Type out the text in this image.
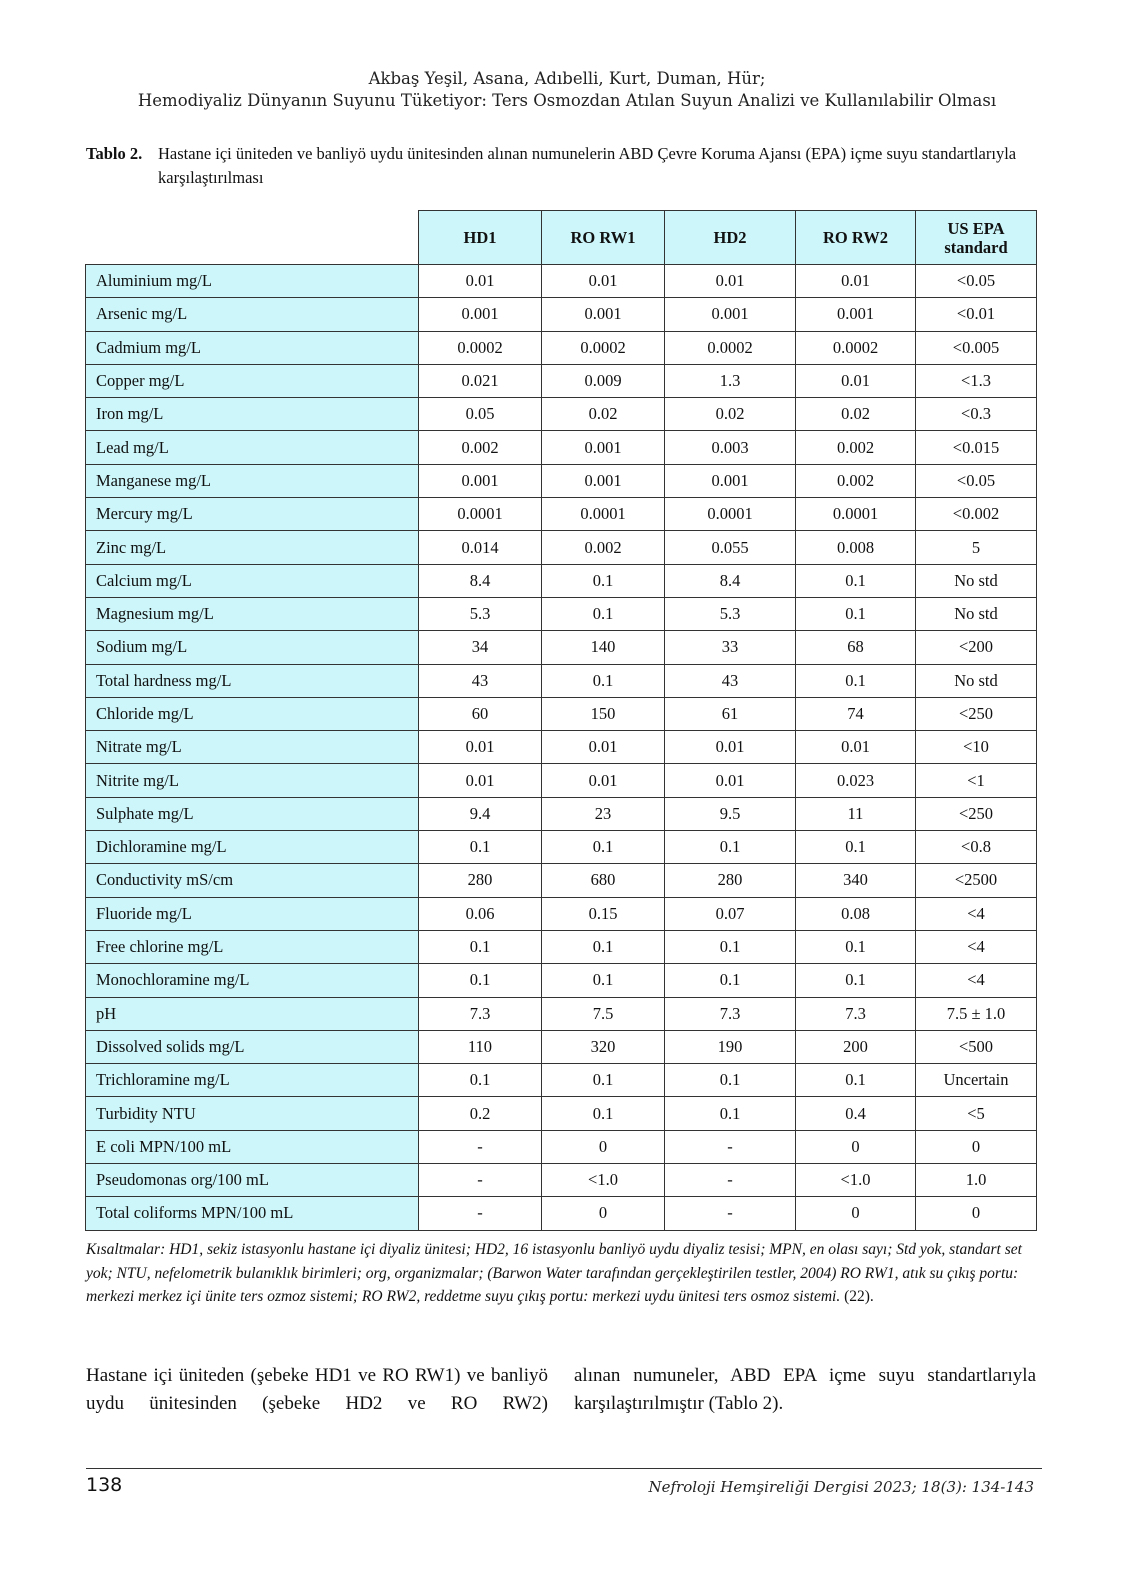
Akbaş Yeşil, Asana, Adıbelli, Kurt, Duman, Hür;
Hemodiyaliz Dünyanın Suyunu Tüketiyor: Ters Osmozdan Atılan Suyun Analizi ve Kullanılabilir Olması
Tablo 2. Hastane içi üniteden ve banliyö uydu ünitesinden alınan numunelerin ABD Çevre Koruma Ajansı (EPA) içme suyu standartlarıyla karşılaştırılması
	HD1	RO RW1	HD2	RO RW2	US EPA standard
Aluminium mg/L	0.01	0.01	0.01	0.01	<0.05
Arsenic mg/L	0.001	0.001	0.001	0.001	<0.01
Cadmium mg/L	0.0002	0.0002	0.0002	0.0002	<0.005
Copper mg/L	0.021	0.009	1.3	0.01	<1.3
Iron mg/L	0.05	0.02	0.02	0.02	<0.3
Lead mg/L	0.002	0.001	0.003	0.002	<0.015
Manganese mg/L	0.001	0.001	0.001	0.002	<0.05
Mercury mg/L	0.0001	0.0001	0.0001	0.0001	<0.002
Zinc mg/L	0.014	0.002	0.055	0.008	5
Calcium mg/L	8.4	0.1	8.4	0.1	No std
Magnesium mg/L	5.3	0.1	5.3	0.1	No std
Sodium mg/L	34	140	33	68	<200
Total hardness mg/L	43	0.1	43	0.1	No std
Chloride mg/L	60	150	61	74	<250
Nitrate mg/L	0.01	0.01	0.01	0.01	<10
Nitrite mg/L	0.01	0.01	0.01	0.023	<1
Sulphate mg/L	9.4	23	9.5	11	<250
Dichloramine mg/L	0.1	0.1	0.1	0.1	<0.8
Conductivity mS/cm	280	680	280	340	<2500
Fluoride mg/L	0.06	0.15	0.07	0.08	<4
Free chlorine mg/L	0.1	0.1	0.1	0.1	<4
Monochloramine mg/L	0.1	0.1	0.1	0.1	<4
pH	7.3	7.5	7.3	7.3	7.5 ± 1.0
Dissolved solids mg/L	110	320	190	200	<500
Trichloramine mg/L	0.1	0.1	0.1	0.1	Uncertain
Turbidity NTU	0.2	0.1	0.1	0.4	<5
E coli MPN/100 mL	-	0	-	0	0
Pseudomonas org/100 mL	-	<1.0	-	<1.0	1.0
Total coliforms MPN/100 mL	-	0	-	0	0
Kısaltmalar: HD1, sekiz istasyonlu hastane içi diyaliz ünitesi; HD2, 16 istasyonlu banliyö uydu diyaliz tesisi; MPN, en olası sayı; Std yok, standart set yok; NTU, nefelometrik bulanıklık birimleri; org, organizmalar; (Barwon Water tarafından gerçekleştirilen testler, 2004) RO RW1, atık su çıkış portu: merkezi merkez içi ünite ters ozmoz sistemi; RO RW2, reddetme suyu çıkış portu: merkezi uydu ünitesi ters osmoz sistemi. (22).
Hastane içi üniteden (şebeke HD1 ve RO RW1) ve banliyö uydu ünitesinden (şebeke HD2 ve RO RW2)
alınan numuneler, ABD EPA içme suyu standartlarıyla karşılaştırılmıştır (Tablo 2).
138	Nefroloji Hemşireliği Dergisi 2023; 18(3): 134-143
